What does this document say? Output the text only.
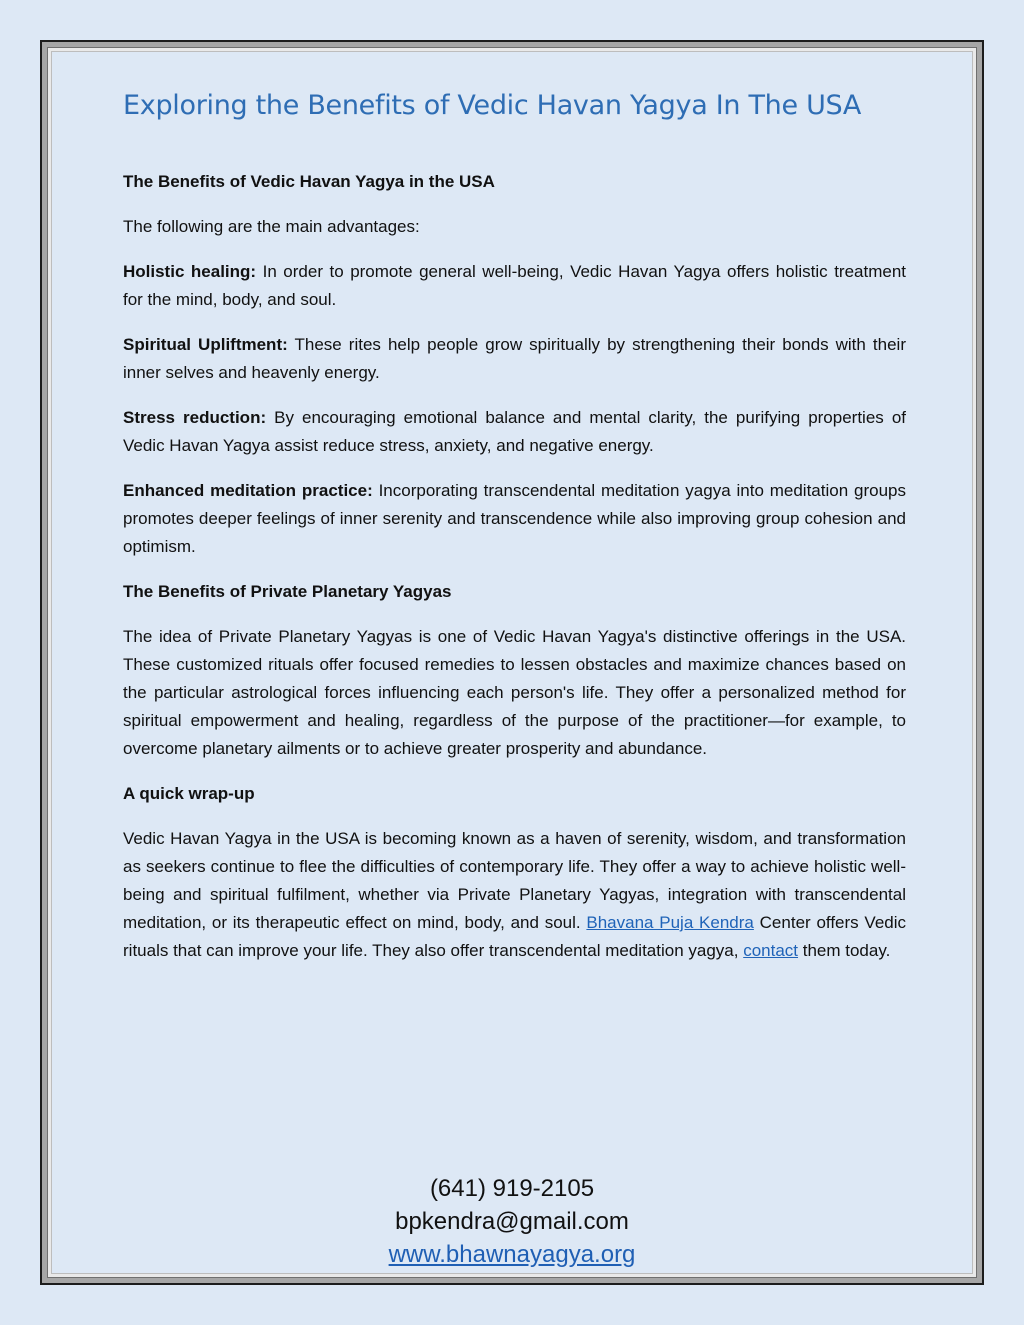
Exploring the Benefits of Vedic Havan Yagya In The USA
The Benefits of Vedic Havan Yagya in the USA

The following are the main advantages:

Holistic healing: In order to promote general well-being, Vedic Havan Yagya offers holistic treatment for the mind, body, and soul.

Spiritual Upliftment: These rites help people grow spiritually by strengthening their bonds with their inner selves and heavenly energy.

Stress reduction: By encouraging emotional balance and mental clarity, the purifying properties of Vedic Havan Yagya assist reduce stress, anxiety, and negative energy.

Enhanced meditation practice: Incorporating transcendental meditation yagya into meditation groups promotes deeper feelings of inner serenity and transcendence while also improving group cohesion and optimism.

The Benefits of Private Planetary Yagyas

The idea of Private Planetary Yagyas is one of Vedic Havan Yagya's distinctive offerings in the USA. These customized rituals offer focused remedies to lessen obstacles and maximize chances based on the particular astrological forces influencing each person's life. They offer a personalized method for spiritual empowerment and healing, regardless of the purpose of the practitioner—for example, to overcome planetary ailments or to achieve greater prosperity and abundance.

A quick wrap-up

Vedic Havan Yagya in the USA is becoming known as a haven of serenity, wisdom, and transformation as seekers continue to flee the difficulties of contemporary life. They offer a way to achieve holistic well-being and spiritual fulfilment, whether via Private Planetary Yagyas, integration with transcendental meditation, or its therapeutic effect on mind, body, and soul. Bhavana Puja Kendra Center offers Vedic rituals that can improve your life. They also offer transcendental meditation yagya, contact them today.

(641) 919-2105
bpkendra@gmail.com
www.bhawnayagya.org
